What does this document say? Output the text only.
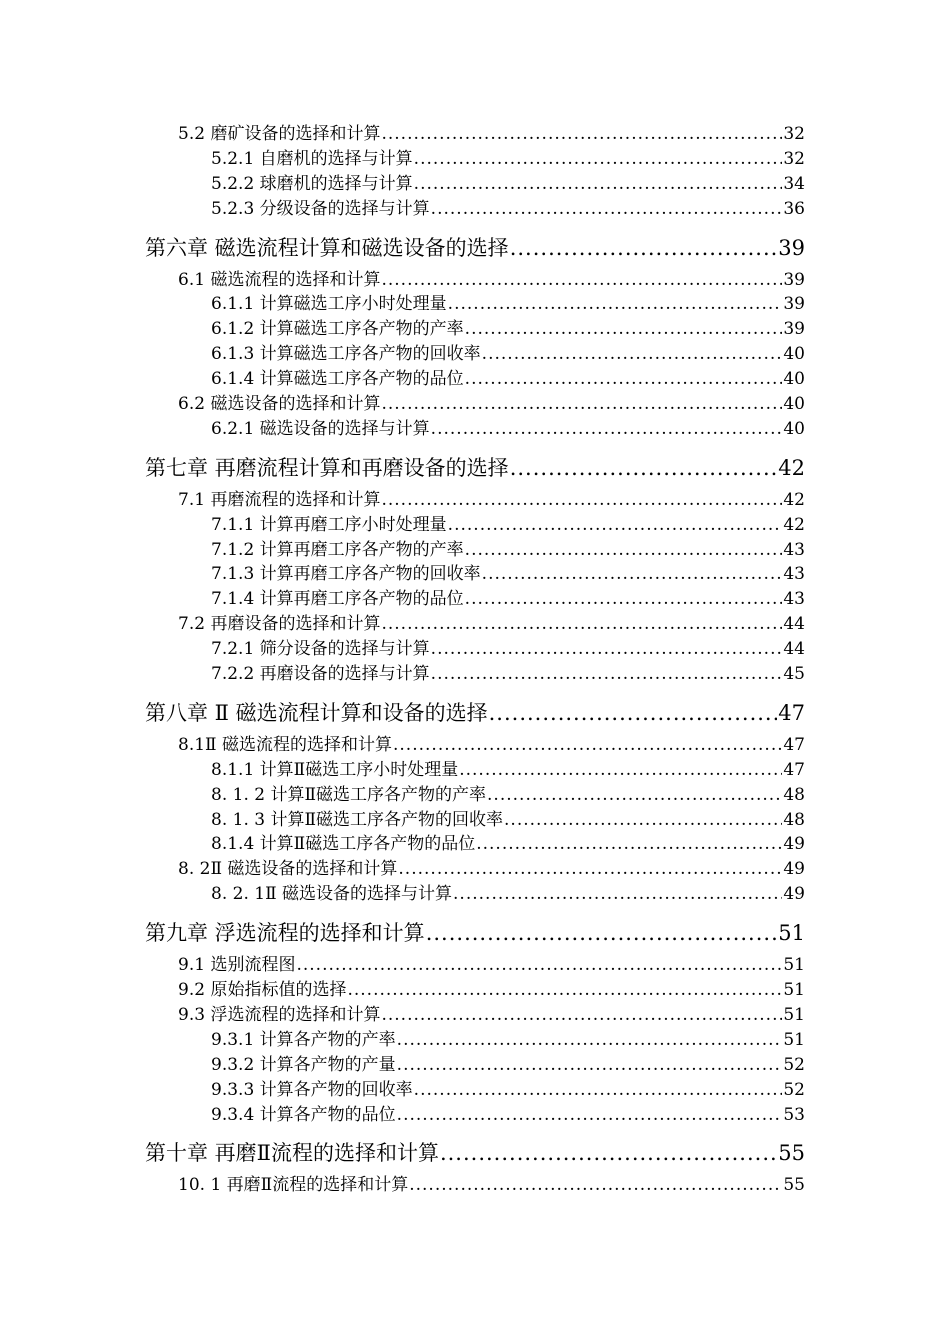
5.2 磨矿设备的选择和计算 .....	32
5.2.1 自磨机的选择与计算 .....	32
5.2.2 球磨机的选择与计算 .....	34
5.2.3 分级设备的选择与计算 .....	36
第六章 磁选流程计算和磁选设备的选择 .....	39
6.1 磁选流程的选择和计算 .....	39
6.1.1 计算磁选工序小时处理量 .....	39
6.1.2 计算磁选工序各产物的产率 .....	39
6.1.3 计算磁选工序各产物的回收率 .....	40
6.1.4 计算磁选工序各产物的品位 .....	40
6.2 磁选设备的选择和计算 .....	40
6.2.1 磁选设备的选择与计算 .....	40
第七章 再磨流程计算和再磨设备的选择 .....	42
7.1 再磨流程的选择和计算 .....	42
7.1.1 计算再磨工序小时处理量 .....	42
7.1.2 计算再磨工序各产物的产率 .....	43
7.1.3 计算再磨工序各产物的回收率 .....	43
7.1.4 计算再磨工序各产物的品位 .....	43
7.2 再磨设备的选择和计算 .....	44
7.2.1 筛分设备的选择与计算 .....	44
7.2.2 再磨设备的选择与计算 .....	45
第八章 Ⅱ 磁选流程计算和设备的选择 .....	47
8.1Ⅱ 磁选流程的选择和计算 .....	47
8.1.1 计算Ⅱ磁选工序小时处理量 .....	47
8. 1. 2 计算Ⅱ磁选工序各产物的产率 .....	48
8. 1. 3 计算Ⅱ磁选工序各产物的回收率 .....	48
8.1.4 计算Ⅱ磁选工序各产物的品位 .....	49
8. 2Ⅱ 磁选设备的选择和计算 .....	49
8. 2. 1Ⅱ 磁选设备的选择与计算 .....	49
第九章 浮选流程的选择和计算 .....	51
9.1 选别流程图 .....	51
9.2 原始指标值的选择 .....	51
9.3 浮选流程的选择和计算 .....	51
9.3.1 计算各产物的产率 .....	51
9.3.2 计算各产物的产量 .....	52
9.3.3 计算各产物的回收率 .....	52
9.3.4 计算各产物的品位 .....	53
第十章 再磨Ⅱ流程的选择和计算 .....	55
10. 1 再磨Ⅱ流程的选择和计算 .....	55
